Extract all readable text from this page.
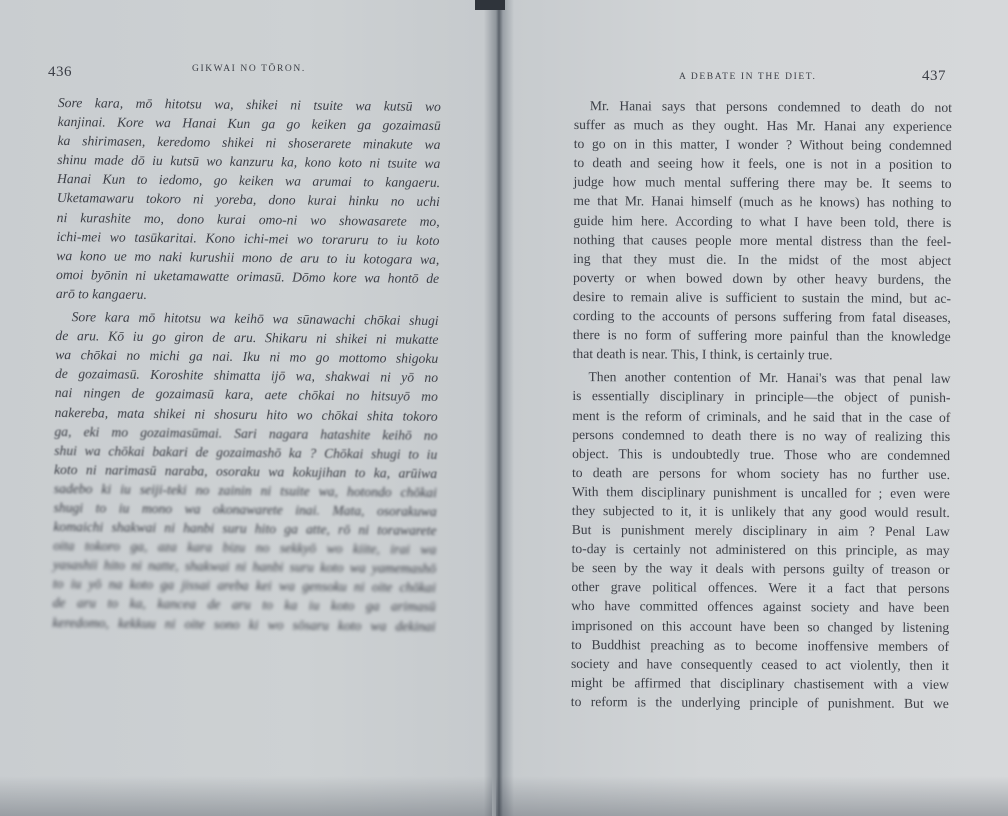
436	GIKWAI NO TŌRON.
Sore kara, mō hitotsu wa, shikei ni tsuite wa kutsū wo
kanjinai. Kore wa Hanai Kun ga go keiken ga gozaimasū
ka shirimasen, keredomo shikei ni shoserarete minakute wa
shinu made dō iu kutsū wo kanzuru ka, kono koto ni tsuite wa
Hanai Kun to iedomo, go keiken wa arumai to kangaeru.
Uketamawaru tokoro ni yoreba, dono kurai hinku no uchi
ni kurashite mo, dono kurai omo-ni wo showasarete mo,
ichi-mei wo tasūkaritai. Kono ichi-mei wo toraruru to iu koto
wa kono ue mo naki kurushii mono de aru to iu kotogara wa,
omoi byōnin ni uketamawatte orimasū. Dōmo kore wa hontō de
arō to kangaeru.
Sore kara mō hitotsu wa keihō wa sūnawachi chōkai shugi
de aru. Kō iu go giron de aru. Shikaru ni shikei ni mukatte
wa chōkai no michi ga nai. Iku ni mo go mottomo shigoku
de gozaimasū. Koroshite shimatta ijō wa, shakwai ni yō no
nai ningen de gozaimasū kara, aete chōkai no hitsuyō mo
nakereba, mata shikei ni shosuru hito wo chōkai shita tokoro
ga, eki mo gozaimasūmai. Sari nagara hatashite keihō no
shui wa chōkai bakari de gozaimashō ka ? Chōkai shugi to iu
koto ni narimasū naraba, osoraku wa kokujihan to ka, arūiwa
sadebo ki iu seiji-teki no zainin ni tsuite wa, hotondo chōkai
shugi to iu mono wa okonawarete inai. Mata, osorakuwa
komaichi shakwai ni hanbi suru hito ga atte, rō ni torawarete
oita tokoro ga, aza kara bizu no sekkyō wo kiite, irai wa
yasashii hito ni natte, shakwai ni hanbi suru koto wa yamemashō
to iu yō na koto ga jissai areba kei wa gensoku ni oite chōkai
de aru to ka, kancea de aru to ka iu koto ga arimasū
keredomo, kekkuu ni oite sono ki wo sōsaru koto wa dekinai
A DEBATE IN THE DIET.	437
Mr. Hanai says that persons condemned to death do not
suffer as much as they ought. Has Mr. Hanai any experience
to go on in this matter, I wonder ? Without being condemned
to death and seeing how it feels, one is not in a position to
judge how much mental suffering there may be. It seems to
me that Mr. Hanai himself (much as he knows) has nothing to
guide him here. According to what I have been told, there is
nothing that causes people more mental distress than the feel-
ing that they must die. In the midst of the most abject
poverty or when bowed down by other heavy burdens, the
desire to remain alive is sufficient to sustain the mind, but ac-
cording to the accounts of persons suffering from fatal diseases,
there is no form of suffering more painful than the knowledge
that death is near. This, I think, is certainly true.
Then another contention of Mr. Hanai's was that penal law
is essentially disciplinary in principle—the object of punish-
ment is the reform of criminals, and he said that in the case of
persons condemned to death there is no way of realizing this
object. This is undoubtedly true. Those who are condemned
to death are persons for whom society has no further use.
With them disciplinary punishment is uncalled for ; even were
they subjected to it, it is unlikely that any good would result.
But is punishment merely disciplinary in aim ? Penal Law
to-day is certainly not administered on this principle, as may
be seen by the way it deals with persons guilty of treason or
other grave political offences. Were it a fact that persons
who have committed offences against society and have been
imprisoned on this account have been so changed by listening
to Buddhist preaching as to become inoffensive members of
society and have consequently ceased to act violently, then it
might be affirmed that disciplinary chastisement with a view
to reform is the underlying principle of punishment. But we
